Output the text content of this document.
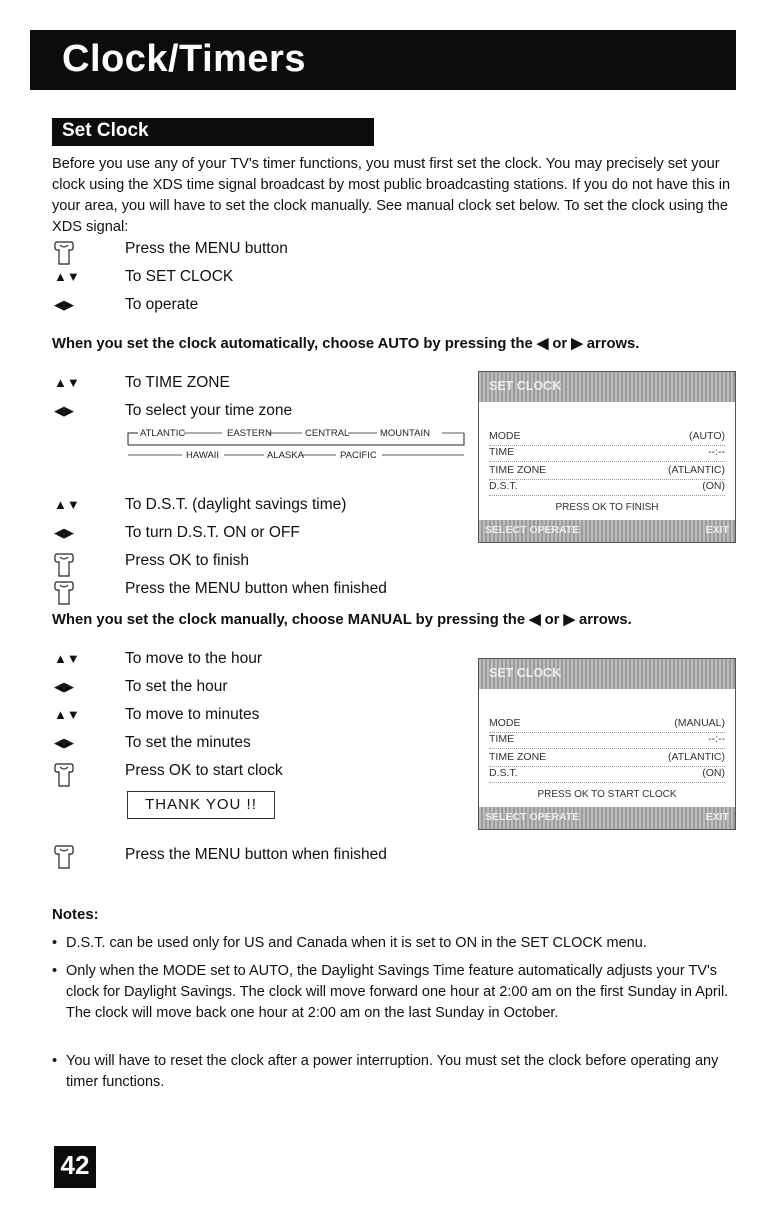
Clock/Timers
Set Clock
Before you use any of your TV's timer functions, you must first set the clock. You may precisely set your clock using the XDS time signal broadcast by most public broadcasting stations. If you do not have this in your area, you will have to set the clock manually. See manual clock set below. To set the clock using the XDS signal:
Press the MENU button
▲▼	To SET CLOCK
◀▶	To operate
When you set the clock automatically, choose AUTO by pressing the ◀ or ▶ arrows.
▲▼	To TIME ZONE
◀▶	To select your time zone
▲▼	To D.S.T. (daylight savings time)
◀▶	To turn D.S.T. ON or OFF
Press OK to finish
Press the MENU button when finished
ATLANTIC	EASTERN	CENTRAL	MOUNTAIN
HAWAII	ALASKA	PACIFIC
SET CLOCK
MODE	(AUTO)
TIME	--:--
TIME ZONE	(ATLANTIC)
D.S.T.	(ON)
PRESS OK TO FINISH
SELECT OPERATE	EXIT
When you set the clock manually, choose MANUAL by pressing the ◀ or ▶ arrows.
▲▼	To move to the hour
◀▶	To set the hour
▲▼	To move to minutes
◀▶	To set the minutes
Press OK to start clock
THANK YOU !!
SET CLOCK
MODE	(MANUAL)
TIME	--:--
TIME ZONE	(ATLANTIC)
D.S.T.	(ON)
PRESS OK TO START CLOCK
SELECT OPERATE	EXIT
Press the MENU button when finished
Notes:
• D.S.T. can be used only for US and Canada when it is set to ON in the SET CLOCK menu.
• Only when the MODE set to AUTO, the Daylight Savings Time feature automatically adjusts your TV's clock for Daylight Savings. The clock will move forward one hour at 2:00 am on the first Sunday in April. The clock will move back one hour at 2:00 am on the last Sunday in October.
• You will have to reset the clock after a power interruption. You must set the clock before operating any timer functions.
42
